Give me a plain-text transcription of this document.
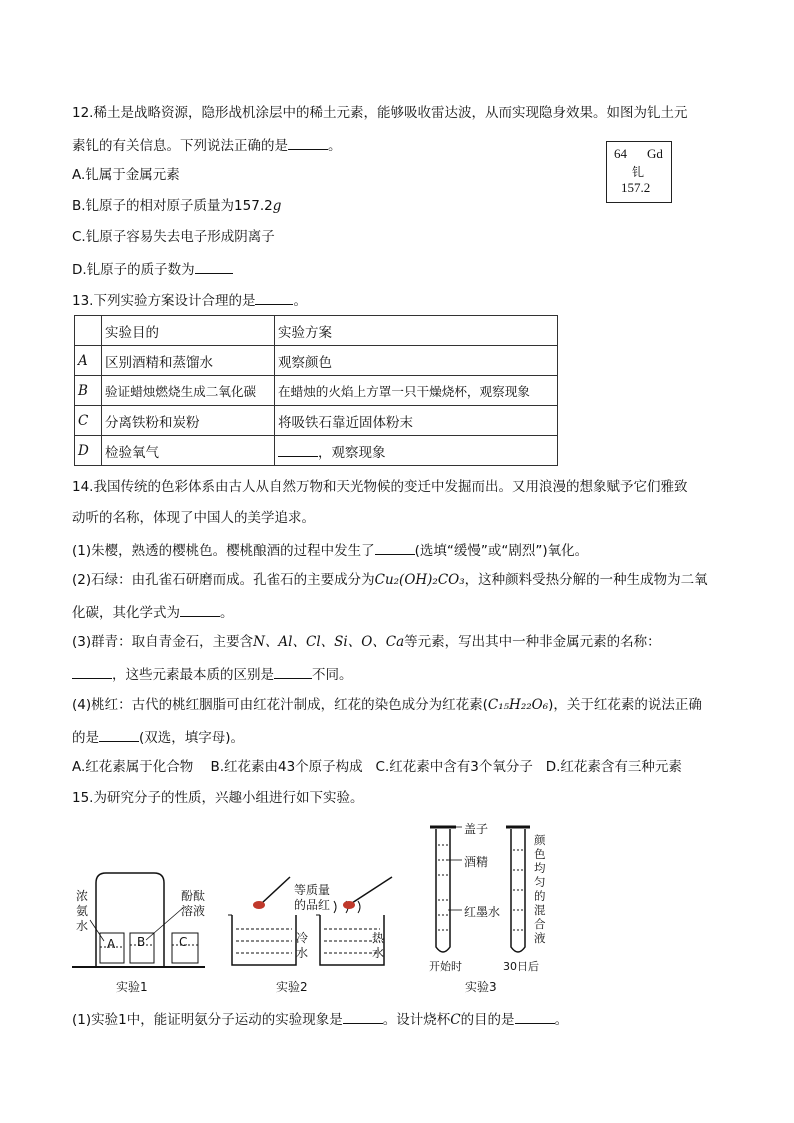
12.稀土是战略资源，隐形战机涂层中的稀土元素，能够吸收雷达波，从而实现隐身效果。如图为钆土元
素钆的有关信息。下列说法正确的是	。
A.钆属于金属元素
B.钆原子的相对原子质量为157.2g
C.钆原子容易失去电子形成阴离子
D.钆原子的质子数为
64 Gd
钆
157.2
13.下列实验方案设计合理的是	。
	实验目的	实验方案
A	区别酒精和蒸馏水	观察颜色
B	验证蜡烛燃烧生成二氧化碳	在蜡烛的火焰上方罩一只干燥烧杯，观察现象
C	分离铁粉和炭粉	将吸铁石靠近固体粉末
D	检验氧气	，观察现象
14.我国传统的色彩体系由古人从自然万物和天光物候的变迁中发掘而出。又用浪漫的想象赋予它们雅致
动听的名称，体现了中国人的美学追求。
(1)朱樱，熟透的樱桃色。樱桃酿酒的过程中发生了	(选填“缓慢”或“剧烈”)氧化。
(2)石绿：由孔雀石研磨而成。孔雀石的主要成分为Cu₂(OH)₂CO₃，这种颜料受热分解的一种生成物为二氧
化碳，其化学式为	。
(3)群青：取自青金石，主要含N、Al、Cl、Si、O、Ca等元素，写出其中一种非金属元素的名称：
，这些元素最本质的区别是	不同。
(4)桃红：古代的桃红胭脂可由红花汁制成，红花的染色成分为红花素(C₁₅H₂₂O₆)，关于红花素的说法正确
的是	(双选，填字母)。
A.红花素属于化合物    B.红花素由43个原子构成   C.红花素中含有3个氧分子   D.红花素含有三种元素
15.为研究分子的性质，兴趣小组进行如下实验。
浓氨水
酚酞溶液
A B	C
实验1
等质量的品红
冷水
热水
实验2
盖子
酒精
红墨水
颜色均匀的混合液
开始时	30日后
实验3
(1)实验1中，能证明氨分子运动的实验现象是	。设计烧杯C的目的是	。
